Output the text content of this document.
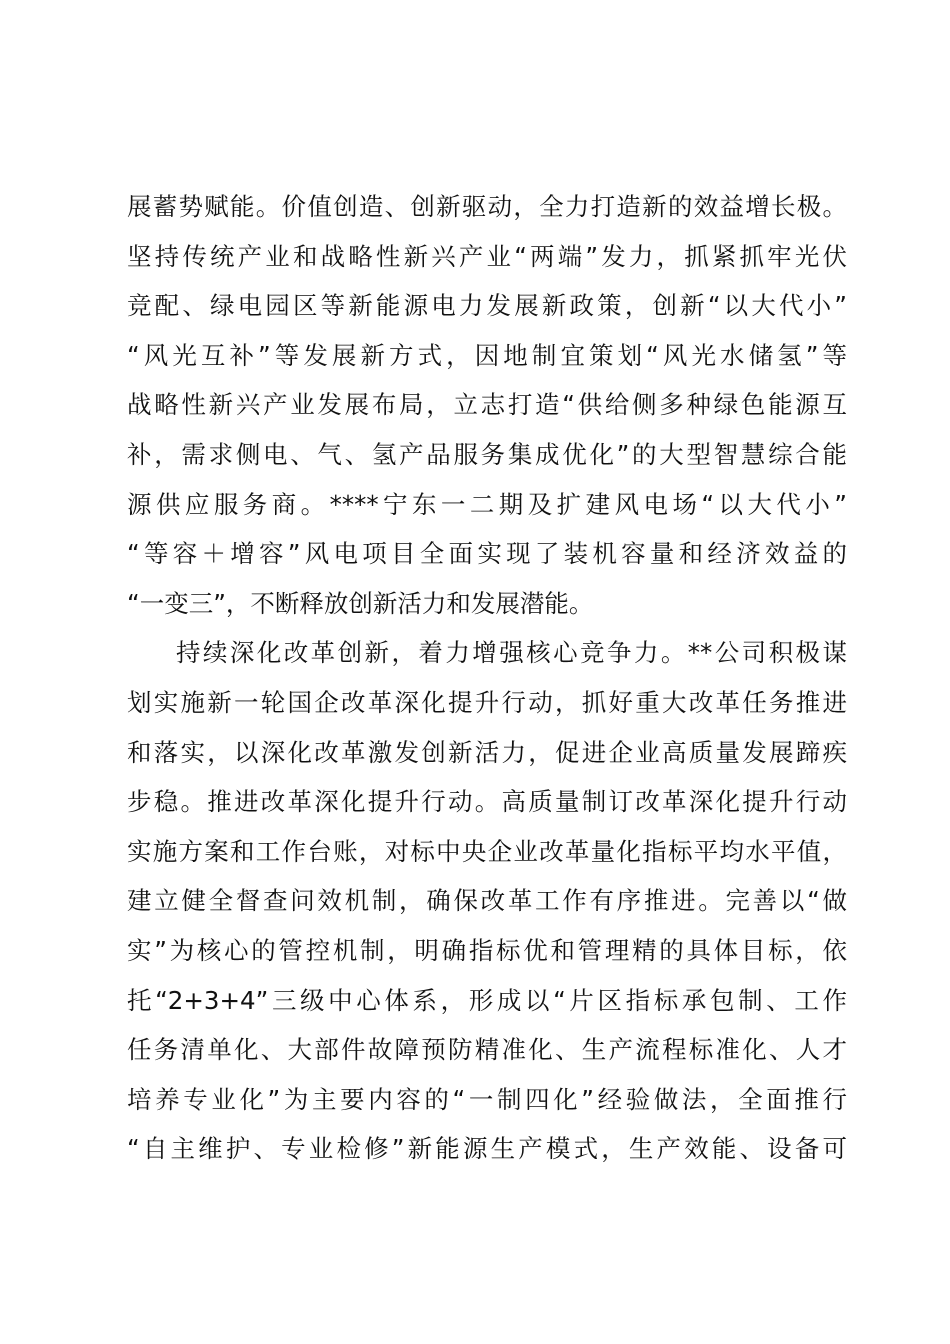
展蓄势赋能。价值创造、创新驱动，全力打造新的效益增长极。
坚持传统产业和战略性新兴产业“两端”发力，抓紧抓牢光伏
竞配、绿电园区等新能源电力发展新政策，创新“以大代小”
“风光互补”等发展新方式，因地制宜策划“风光水储氢”等
战略性新兴产业发展布局，立志打造“供给侧多种绿色能源互
补，需求侧电、气、氢产品服务集成优化”的大型智慧综合能
源供应服务商。****宁东一二期及扩建风电场“以大代小”
“等容＋增容”风电项目全面实现了装机容量和经济效益的
“一变三”，不断释放创新活力和发展潜能。
持续深化改革创新，着力增强核心竞争力。**公司积极谋
划实施新一轮国企改革深化提升行动，抓好重大改革任务推进
和落实，以深化改革激发创新活力，促进企业高质量发展蹄疾
步稳。推进改革深化提升行动。高质量制订改革深化提升行动
实施方案和工作台账，对标中央企业改革量化指标平均水平值，
建立健全督查问效机制，确保改革工作有序推进。完善以“做
实”为核心的管控机制，明确指标优和管理精的具体目标，依
托“2+3+4”三级中心体系，形成以“片区指标承包制、工作
任务清单化、大部件故障预防精准化、生产流程标准化、人才
培养专业化”为主要内容的“一制四化”经验做法，全面推行
“自主维护、专业检修”新能源生产模式，生产效能、设备可
